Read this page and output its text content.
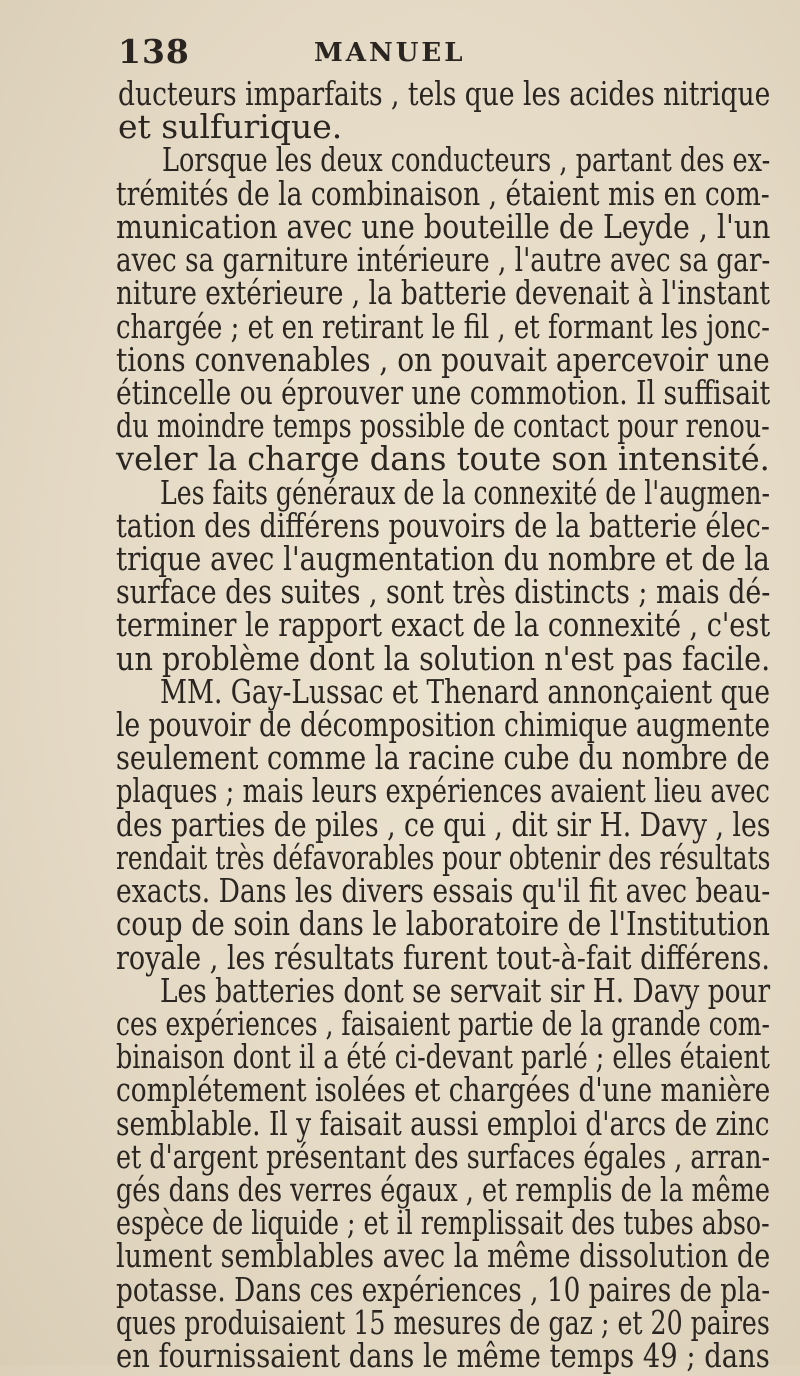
138	MANUEL
ducteurs imparfaits , tels que les acides nitrique
et sulfurique.
Lorsque les deux conducteurs , partant des ex-
trémités de la combinaison , étaient mis en com-
munication avec une bouteille de Leyde , l'un
avec sa garniture intérieure , l'autre avec sa gar-
niture extérieure , la batterie devenait à l'instant
chargée ; et en retirant le fil , et formant les jonc-
tions convenables , on pouvait apercevoir une
étincelle ou éprouver une commotion. Il suffisait
du moindre temps possible de contact pour renou-
veler la charge dans toute son intensité.
Les faits généraux de la connexité de l'augmen-
tation des différens pouvoirs de la batterie élec-
trique avec l'augmentation du nombre et de la
surface des suites , sont très distincts ; mais dé-
terminer le rapport exact de la connexité , c'est
un problème dont la solution n'est pas facile.
MM. Gay-Lussac et Thenard annonçaient que
le pouvoir de décomposition chimique augmente
seulement comme la racine cube du nombre de
plaques ; mais leurs expériences avaient lieu avec
des parties de piles , ce qui , dit sir H. Davy , les
rendait très défavorables pour obtenir des résultats
exacts. Dans les divers essais qu'il fit avec beau-
coup de soin dans le laboratoire de l'Institution
royale , les résultats furent tout-à-fait différens.
Les batteries dont se servait sir H. Davy pour
ces expériences , faisaient partie de la grande com-
binaison dont il a été ci-devant parlé ; elles étaient
complétement isolées et chargées d'une manière
semblable. Il y faisait aussi emploi d'arcs de zinc
et d'argent présentant des surfaces égales , arran-
gés dans des verres égaux , et remplis de la même
espèce de liquide ; et il remplissait des tubes abso-
lument semblables avec la même dissolution de
potasse. Dans ces expériences , 10 paires de pla-
ques produisaient 15 mesures de gaz ; et 20 paires
en fournissaient dans le même temps 49 ; dans
